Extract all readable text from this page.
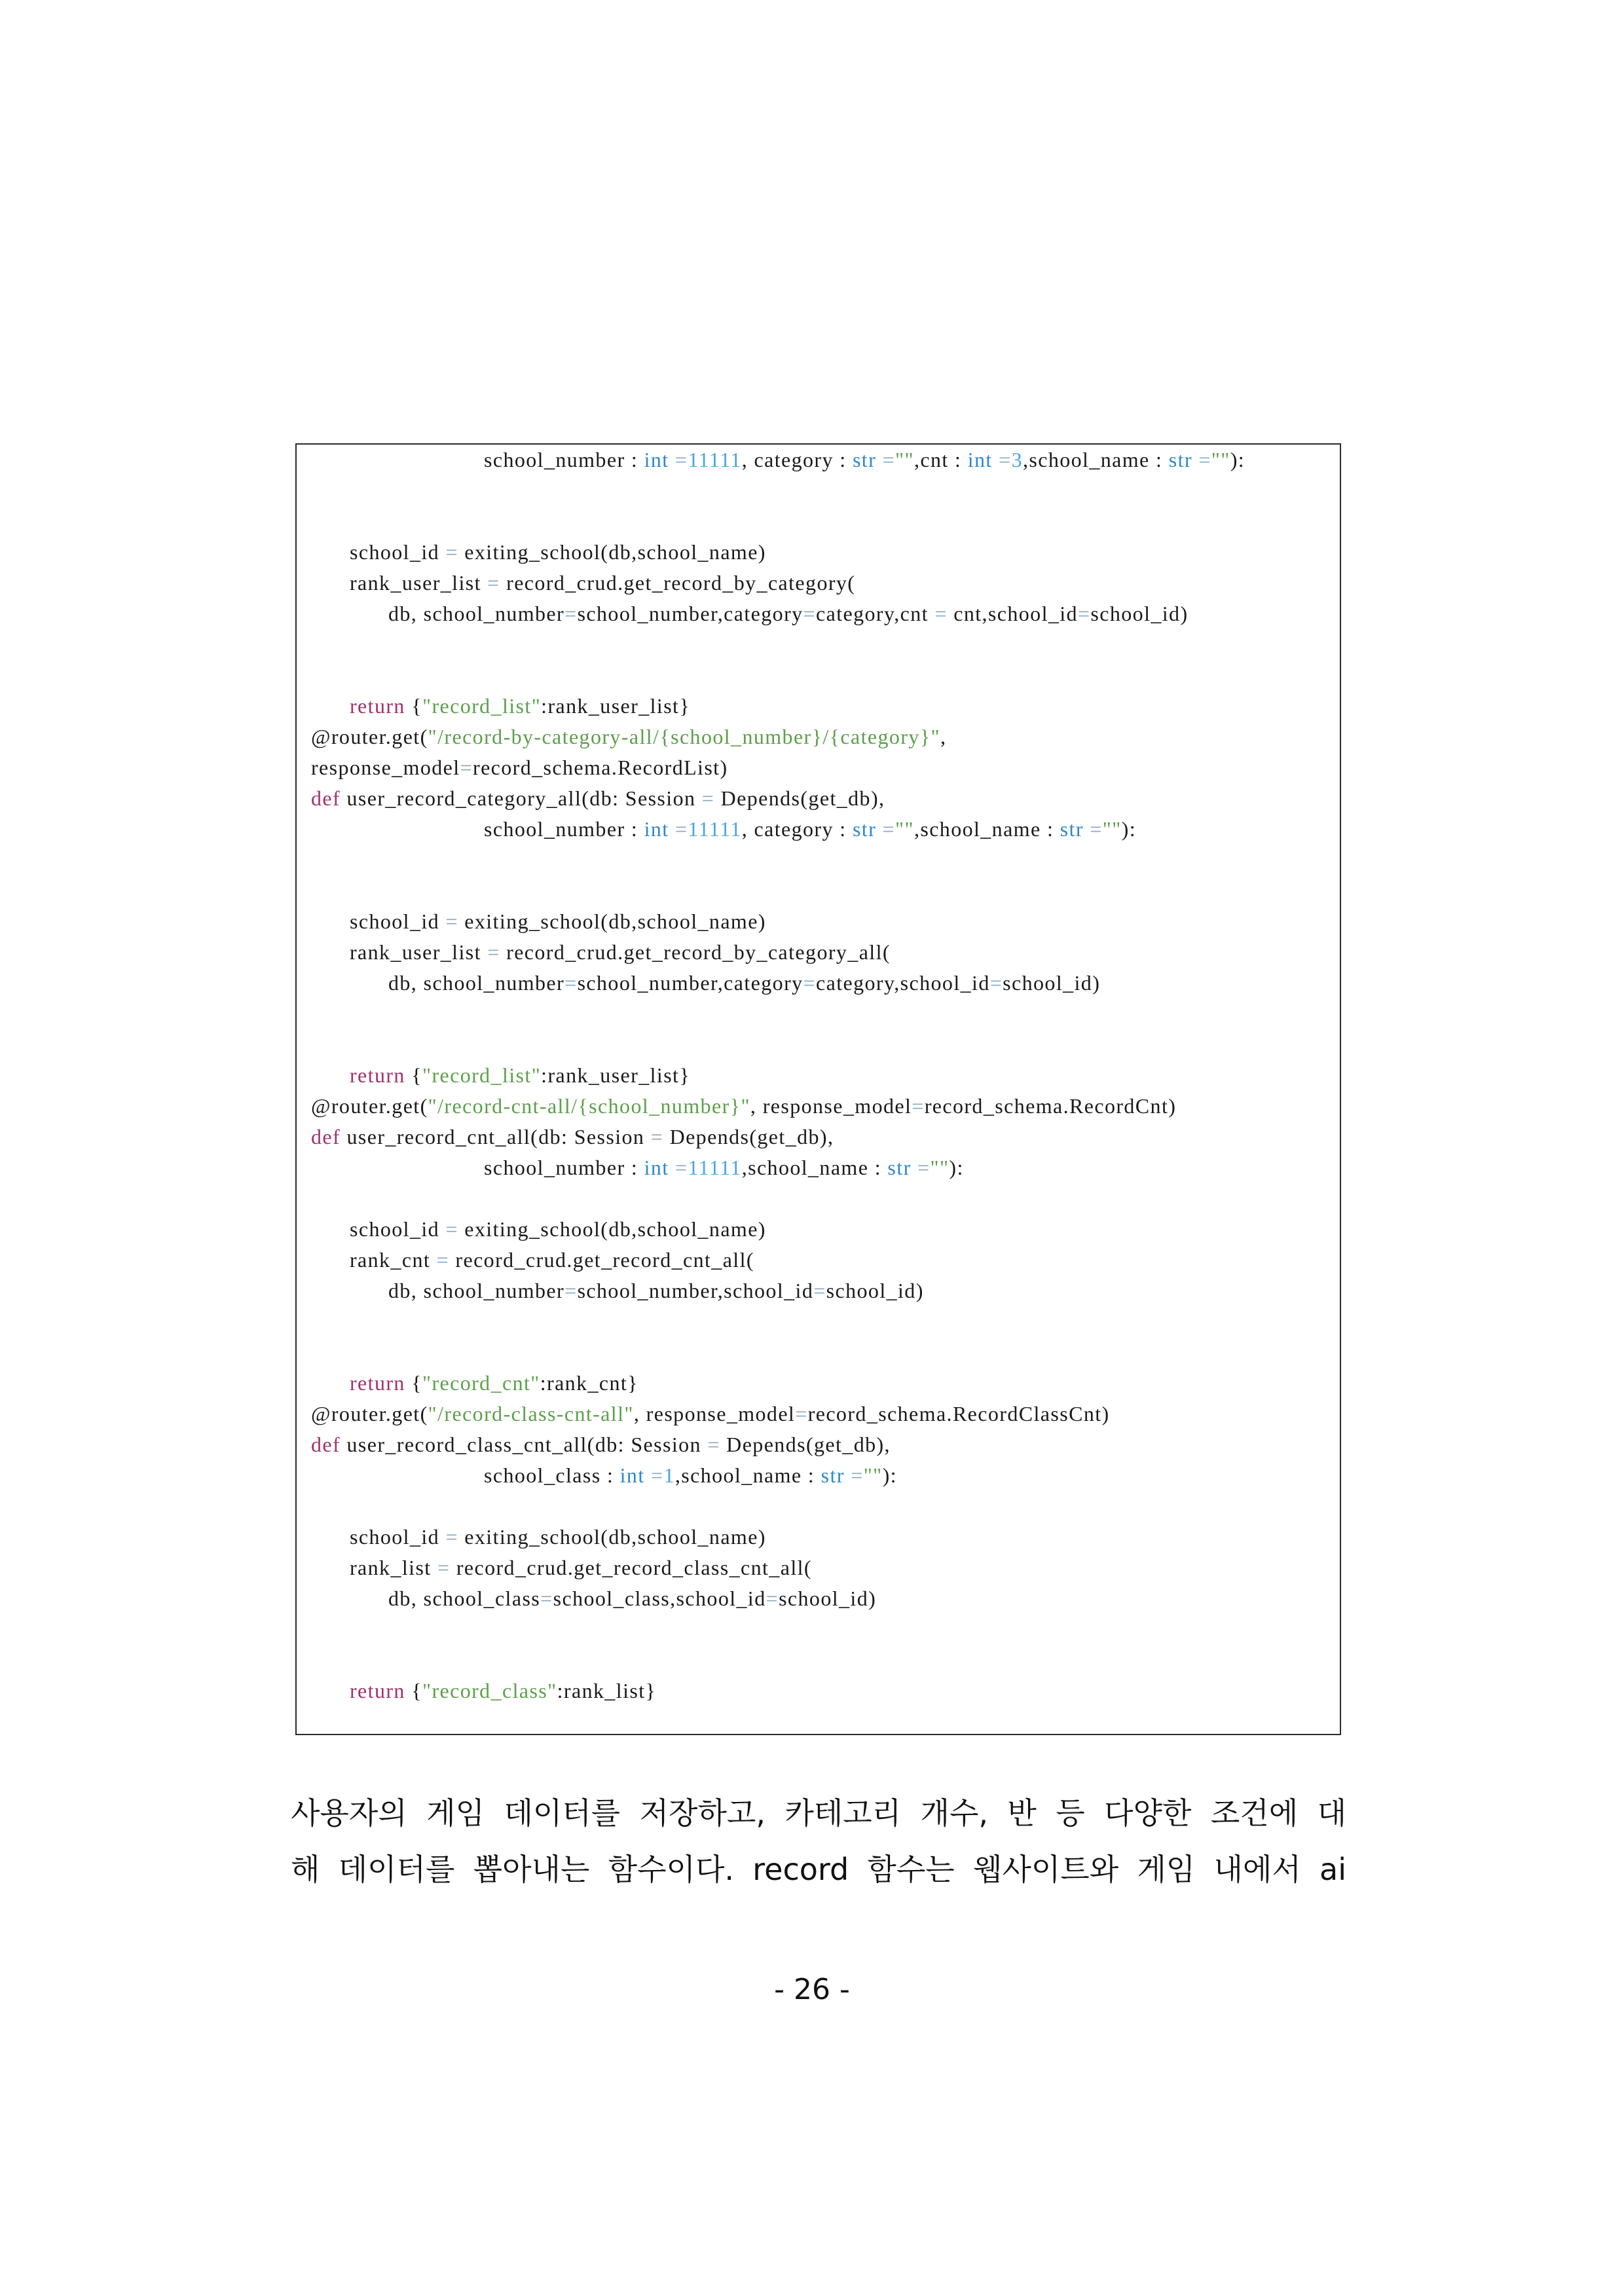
school_number : int =11111, category : str ="",cnt : int =3,school_name : str =""):
school_id = exiting_school(db,school_name)
rank_user_list = record_crud.get_record_by_category(
db, school_number=school_number,category=category,cnt = cnt,school_id=school_id)
return {"record_list":rank_user_list}
@router.get("/record-by-category-all/{school_number}/{category}",
response_model=record_schema.RecordList)
def user_record_category_all(db: Session = Depends(get_db),
school_number : int =11111, category : str ="",school_name : str =""):
school_id = exiting_school(db,school_name)
rank_user_list = record_crud.get_record_by_category_all(
db, school_number=school_number,category=category,school_id=school_id)
return {"record_list":rank_user_list}
@router.get("/record-cnt-all/{school_number}", response_model=record_schema.RecordCnt)
def user_record_cnt_all(db: Session = Depends(get_db),
school_number : int =11111,school_name : str =""):
school_id = exiting_school(db,school_name)
rank_cnt = record_crud.get_record_cnt_all(
db, school_number=school_number,school_id=school_id)
return {"record_cnt":rank_cnt}
@router.get("/record-class-cnt-all", response_model=record_schema.RecordClassCnt)
def user_record_class_cnt_all(db: Session = Depends(get_db),
school_class : int =1,school_name : str =""):
school_id = exiting_school(db,school_name)
rank_list = record_crud.get_record_class_cnt_all(
db, school_class=school_class,school_id=school_id)
return {"record_class":rank_list}
사용자의 게임 데이터를 저장하고, 카테고리 개수, 반 등 다양한 조건에 대
해 데이터를 뽑아내는 함수이다. record 함수는 웹사이트와 게임 내에서 ai
- 26 -
